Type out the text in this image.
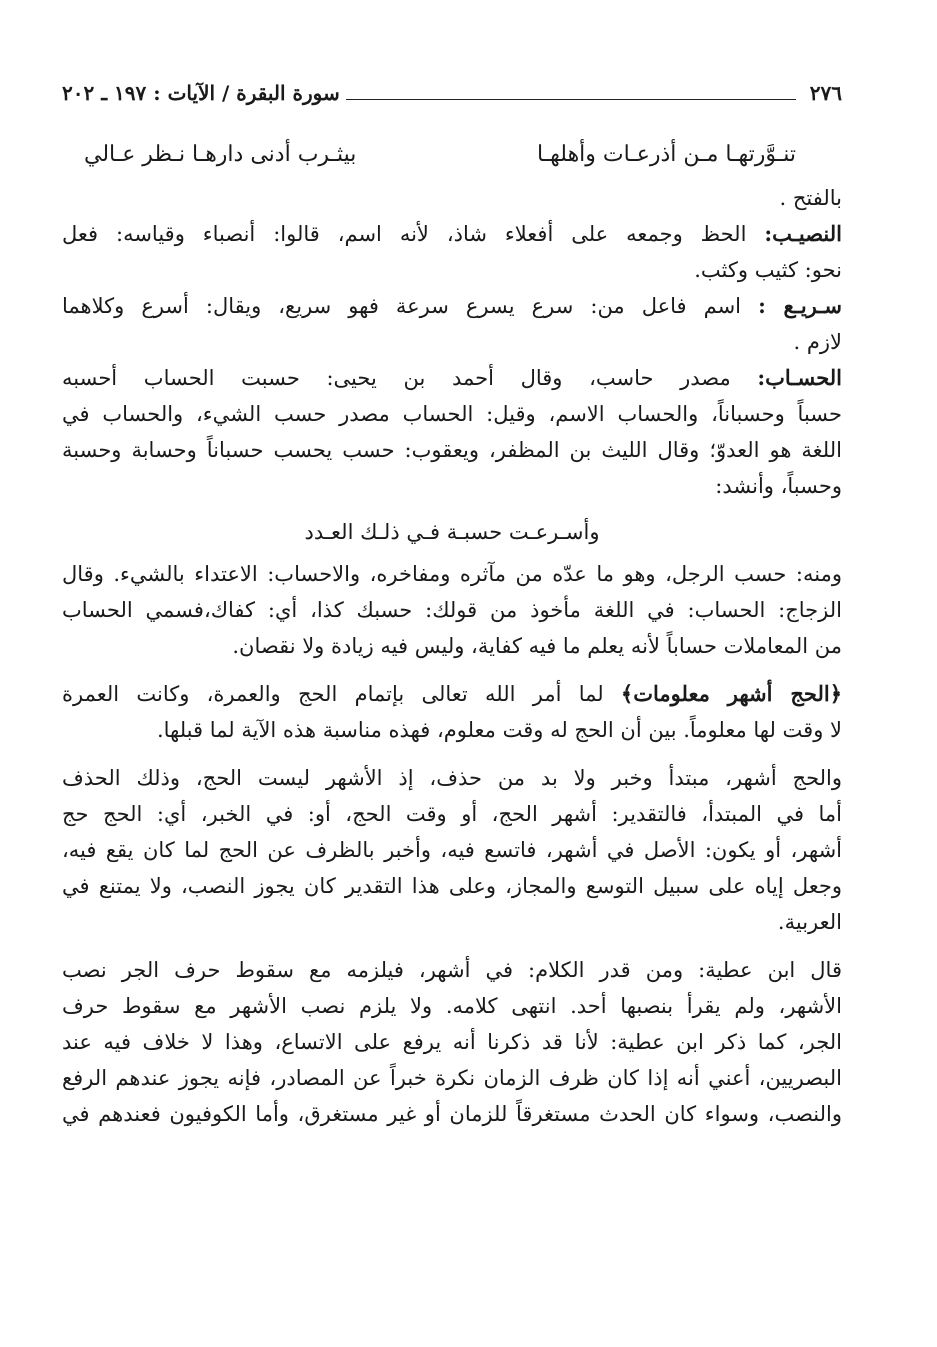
٢٧٦
سورة البقرة / الآيات : ١٩٧ ـ ٢٠٢
تنـوَّرتهـا مـن أذرعـات وأهلهـا
بيثـرب أدنى دارهـا نـظر عـالي

بالفتح .

النصيـب: الحظ وجمعه على أفعلاء شاذ، لأنه اسم، قالوا: أنصباء وقياسه: فعل

نحو: كثيب وكثب.

سـريـع : اسم فاعل من: سرع يسرع سرعة فهو سريع، ويقال: أسرع وكلاهما

لازم .

الحسـاب: مصدر حاسب، وقال أحمد بن يحيى: حسبت الحساب أحسبه

حسباً وحسباناً، والحساب الاسم، وقيل: الحساب مصدر حسب الشيء، والحساب في

اللغة هو العدوّ؛ وقال الليث بن المظفر، ويعقوب: حسب يحسب حسباناً وحسابة وحسبة

وحسباً، وأنشد:

وأسـرعـت حسبـة فـي ذلـك العـدد

ومنه: حسب الرجل، وهو ما عدّه من مآثره ومفاخره، والاحساب: الاعتداء بالشيء. وقال

الزجاج: الحساب: في اللغة مأخوذ من قولك: حسبك كذا، أي: كفاك،فسمي الحساب

من المعاملات حساباً لأنه يعلم ما فيه كفاية، وليس فيه زيادة ولا نقصان.

﴿الحج أشهر معلومات﴾ لما أمر الله تعالى بإتمام الحج والعمرة، وكانت العمرة

لا وقت لها معلوماً. بين أن الحج له وقت معلوم، فهذه مناسبة هذه الآية لما قبلها.

والحج أشهر، مبتدأ وخبر ولا بد من حذف، إذ الأشهر ليست الحج، وذلك الحذف

أما في المبتدأ، فالتقدير: أشهر الحج، أو وقت الحج، أو: في الخبر، أي: الحج حج

أشهر، أو يكون: الأصل في أشهر، فاتسع فيه، وأخبر بالظرف عن الحج لما كان يقع فيه،

وجعل إياه على سبيل التوسع والمجاز، وعلى هذا التقدير كان يجوز النصب، ولا يمتنع في

العربية.

قال ابن عطية: ومن قدر الكلام: في أشهر، فيلزمه مع سقوط حرف الجر نصب

الأشهر، ولم يقرأ بنصبها أحد. انتهى كلامه. ولا يلزم نصب الأشهر مع سقوط حرف

الجر، كما ذكر ابن عطية: لأنا قد ذكرنا أنه يرفع على الاتساع، وهذا لا خلاف فيه عند

البصريين، أعني أنه إذا كان ظرف الزمان نكرة خبراً عن المصادر، فإنه يجوز عندهم الرفع

والنصب، وسواء كان الحدث مستغرقاً للزمان أو غير مستغرق، وأما الكوفيون فعندهم في
